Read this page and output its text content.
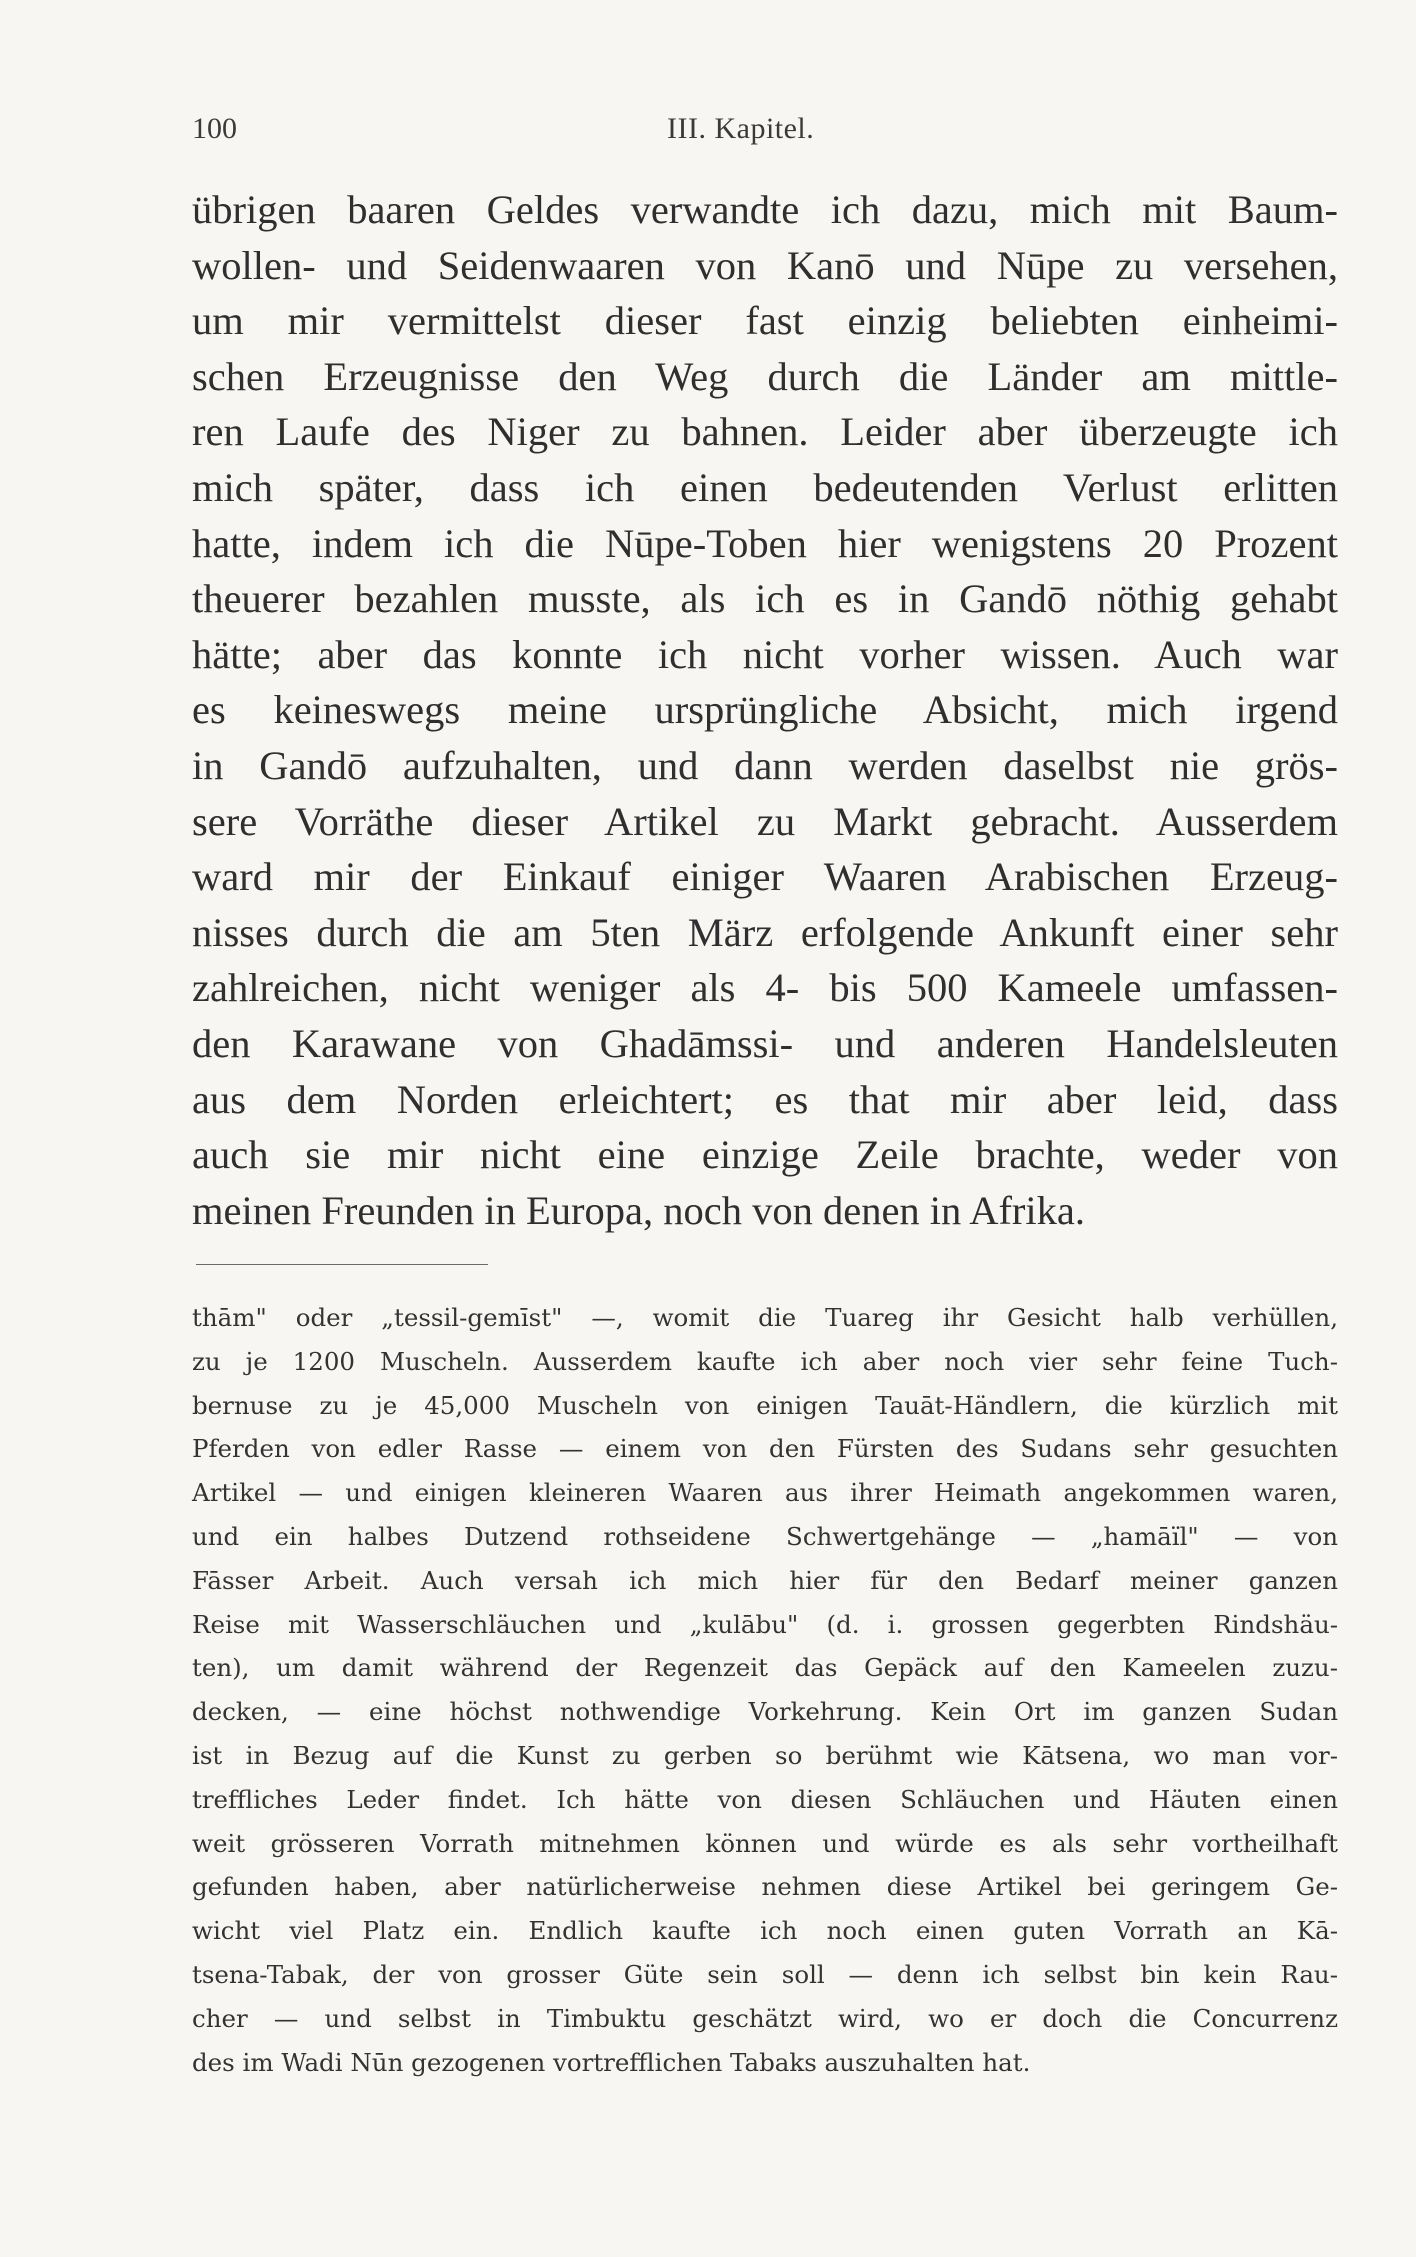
100	III. Kapitel.
übrigen baaren Geldes verwandte ich dazu, mich mit Baum-
wollen- und Seidenwaaren von Kanō und Nūpe zu versehen,
um mir vermittelst dieser fast einzig beliebten einheimi-
schen Erzeugnisse den Weg durch die Länder am mittle-
ren Laufe des Niger zu bahnen. Leider aber überzeugte ich
mich später, dass ich einen bedeutenden Verlust erlitten
hatte, indem ich die Nūpe-Toben hier wenigstens 20 Prozent
theuerer bezahlen musste, als ich es in Gandō nöthig gehabt
hätte; aber das konnte ich nicht vorher wissen. Auch war
es keineswegs meine ursprüngliche Absicht, mich irgend
in Gandō aufzuhalten, und dann werden daselbst nie grös-
sere Vorräthe dieser Artikel zu Markt gebracht. Ausserdem
ward mir der Einkauf einiger Waaren Arabischen Erzeug-
nisses durch die am 5ten März erfolgende Ankunft einer sehr
zahlreichen, nicht weniger als 4- bis 500 Kameele umfassen-
den Karawane von Ghadāmssi- und anderen Handelsleuten
aus dem Norden erleichtert; es that mir aber leid, dass
auch sie mir nicht eine einzige Zeile brachte, weder von
meinen Freunden in Europa, noch von denen in Afrika.
thām" oder „tessil-gemīst" —, womit die Tuareg ihr Gesicht halb verhüllen,
zu je 1200 Muscheln. Ausserdem kaufte ich aber noch vier sehr feine Tuch-
bernuse zu je 45,000 Muscheln von einigen Tauāt-Händlern, die kürzlich mit
Pferden von edler Rasse — einem von den Fürsten des Sudans sehr gesuchten
Artikel — und einigen kleineren Waaren aus ihrer Heimath angekommen waren,
und ein halbes Dutzend rothseidene Schwertgehänge — „hamāïl" — von
Fāsser Arbeit. Auch versah ich mich hier für den Bedarf meiner ganzen
Reise mit Wasserschläuchen und „kulābu" (d. i. grossen gegerbten Rindshäu-
ten), um damit während der Regenzeit das Gepäck auf den Kameelen zuzu-
decken, — eine höchst nothwendige Vorkehrung. Kein Ort im ganzen Sudan
ist in Bezug auf die Kunst zu gerben so berühmt wie Kātsena, wo man vor-
treffliches Leder findet. Ich hätte von diesen Schläuchen und Häuten einen
weit grösseren Vorrath mitnehmen können und würde es als sehr vortheilhaft
gefunden haben, aber natürlicherweise nehmen diese Artikel bei geringem Ge-
wicht viel Platz ein. Endlich kaufte ich noch einen guten Vorrath an Kā-
tsena-Tabak, der von grosser Güte sein soll — denn ich selbst bin kein Rau-
cher — und selbst in Timbuktu geschätzt wird, wo er doch die Concurrenz
des im Wadi Nūn gezogenen vortrefflichen Tabaks auszuhalten hat.
